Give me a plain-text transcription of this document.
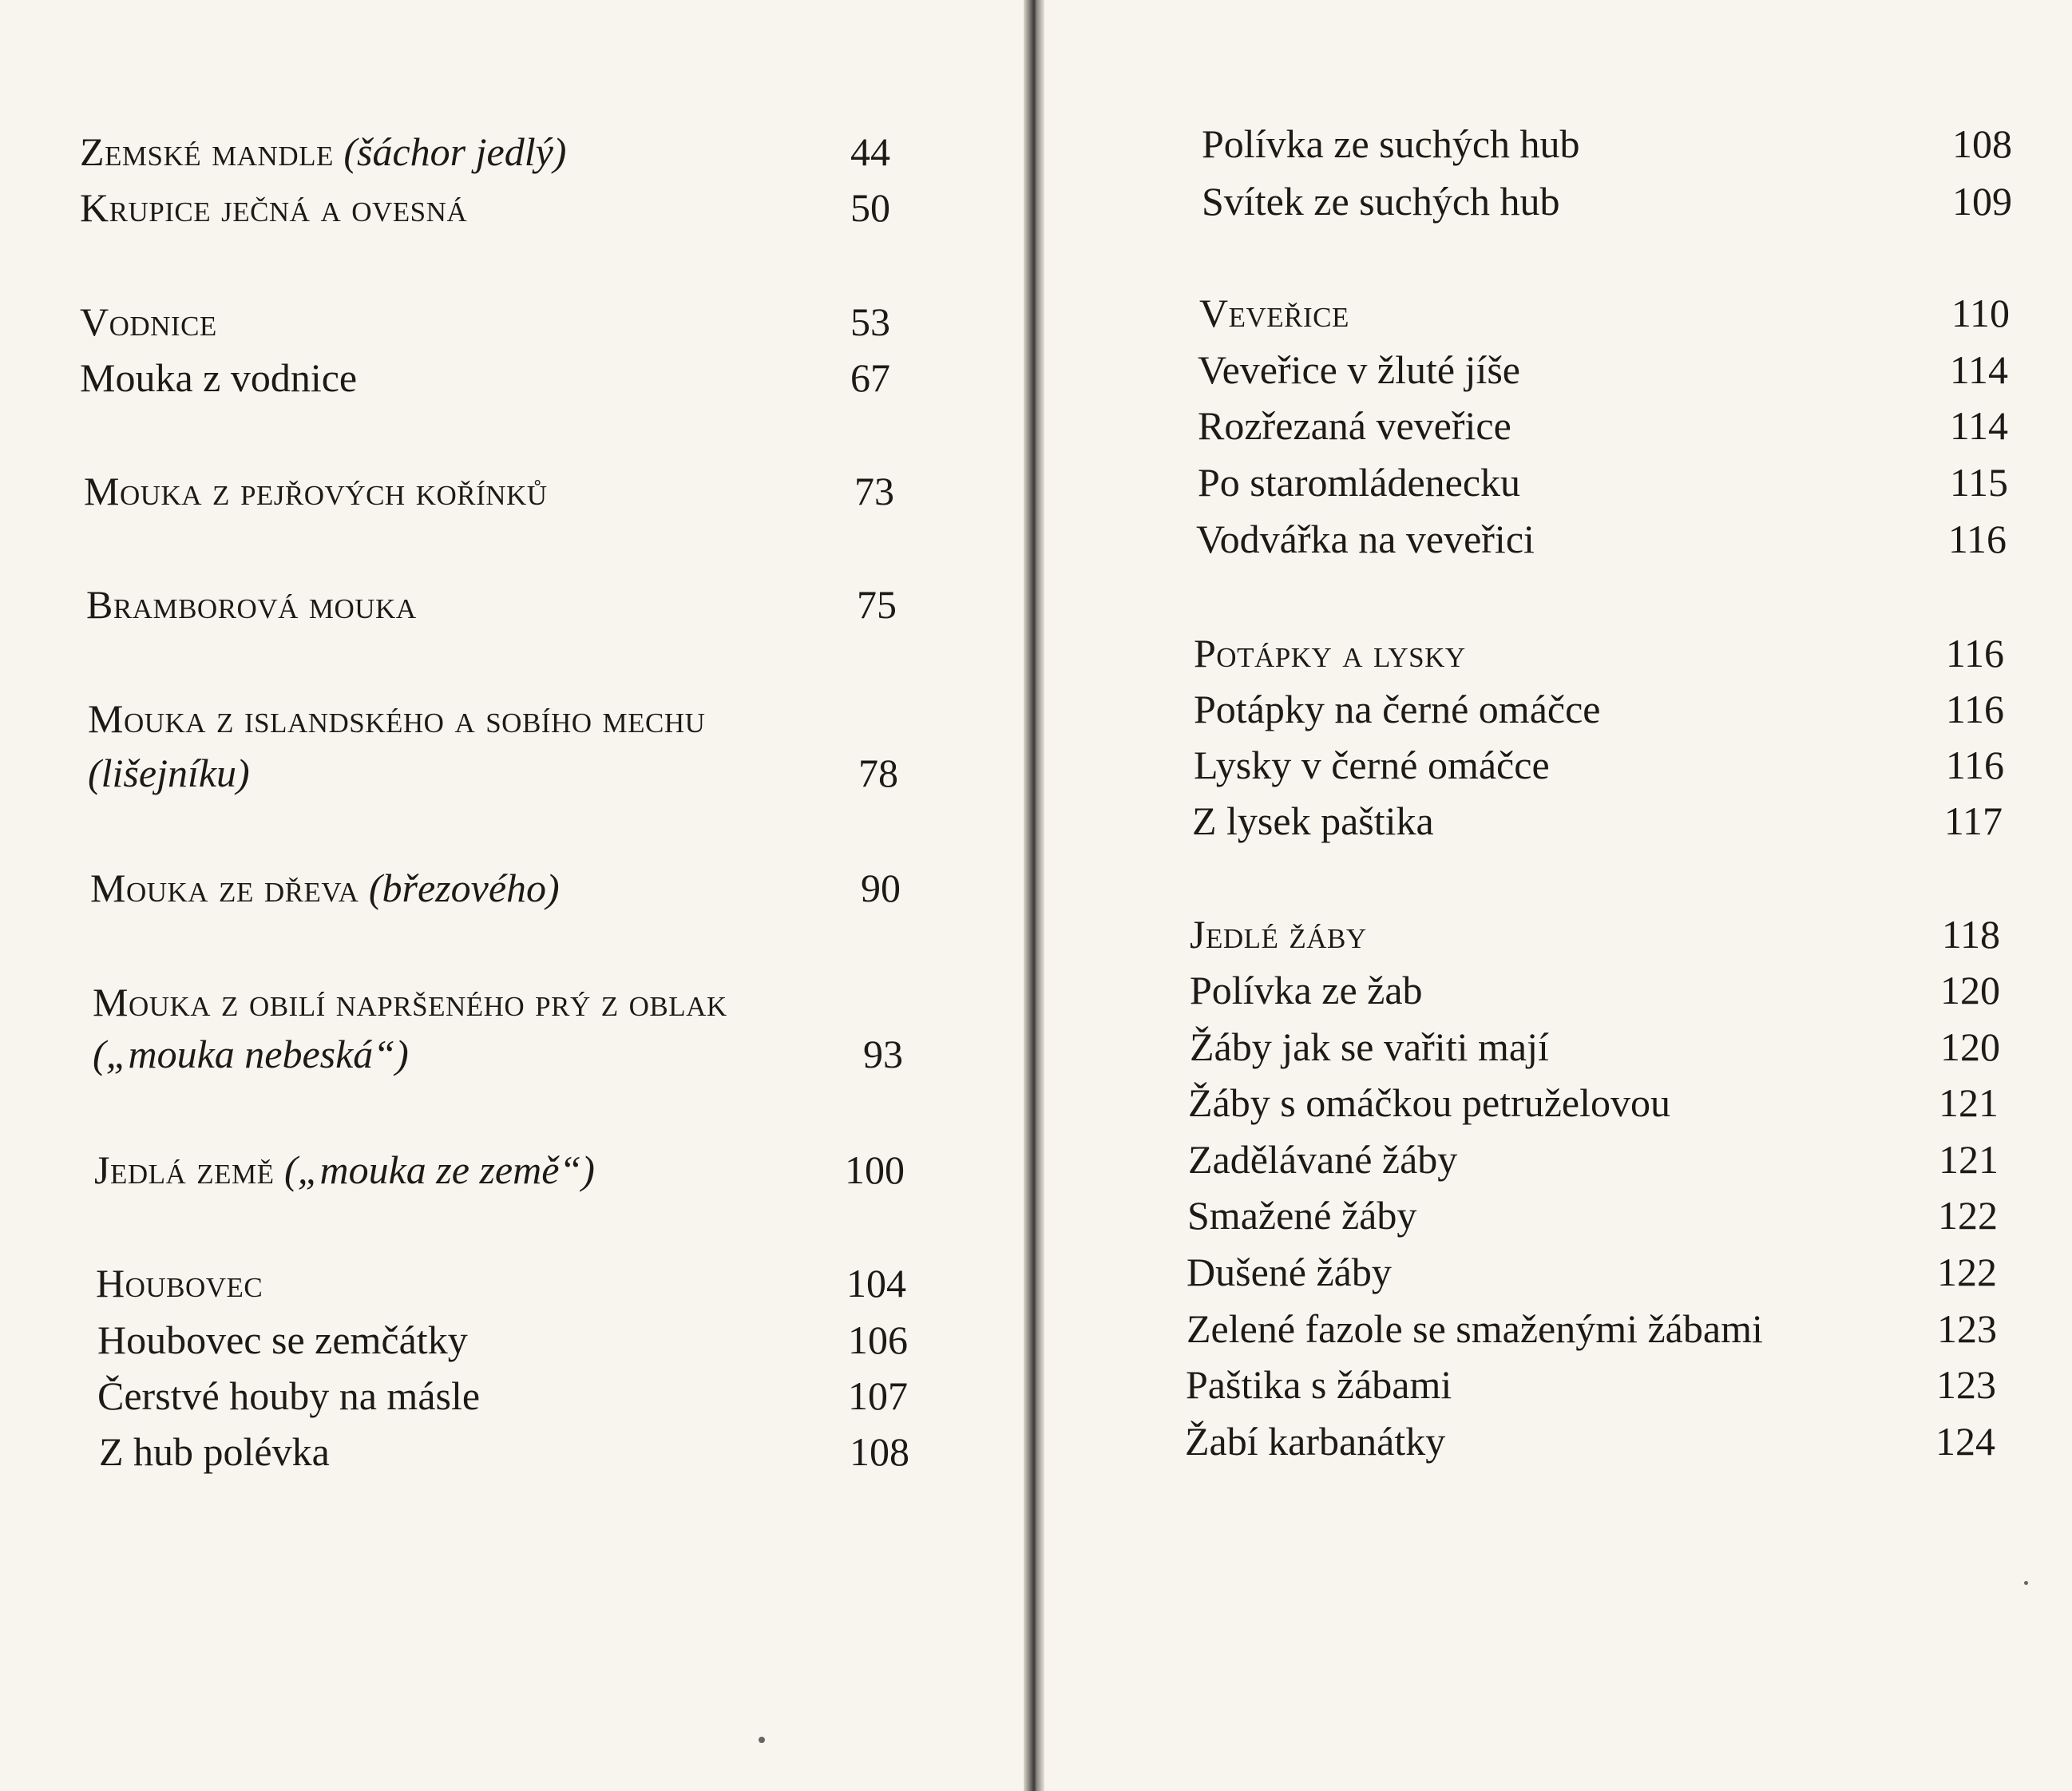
Zemské mandle (šáchor jedlý)	44
Krupice ječná a ovesná	50
Vodnice	53
Mouka z vodnice	67
Mouka z pejřových kořínků	73
Bramborová mouka	75
Mouka z islandského a sobího mechu
(lišejníku)	78
Mouka ze dřeva (březového)	90
Mouka z obilí napršeného prý z oblak
(„mouka nebeská“)	93
Jedlá země („mouka ze země“)	100
Houbovec	104
Houbovec se zemčátky	106
Čerstvé houby na másle	107
Z hub polévka	108
Polívka ze suchých hub	108
Svítek ze suchých hub	109
Veveřice	110
Veveřice v žluté jíše	114
Rozřezaná veveřice	114
Po staromládenecku	115
Vodvářka na veveřici	116
Potápky a lysky	116
Potápky na černé omáčce	116
Lysky v černé omáčce	116
Z lysek paštika	117
Jedlé žáby	118
Polívka ze žab	120
Žáby jak se vařiti mají	120
Žáby s omáčkou petruželovou	121
Zadělávané žáby	121
Smažené žáby	122
Dušené žáby	122
Zelené fazole se smaženými žábami	123
Paštika s žábami	123
Žabí karbanátky	124
